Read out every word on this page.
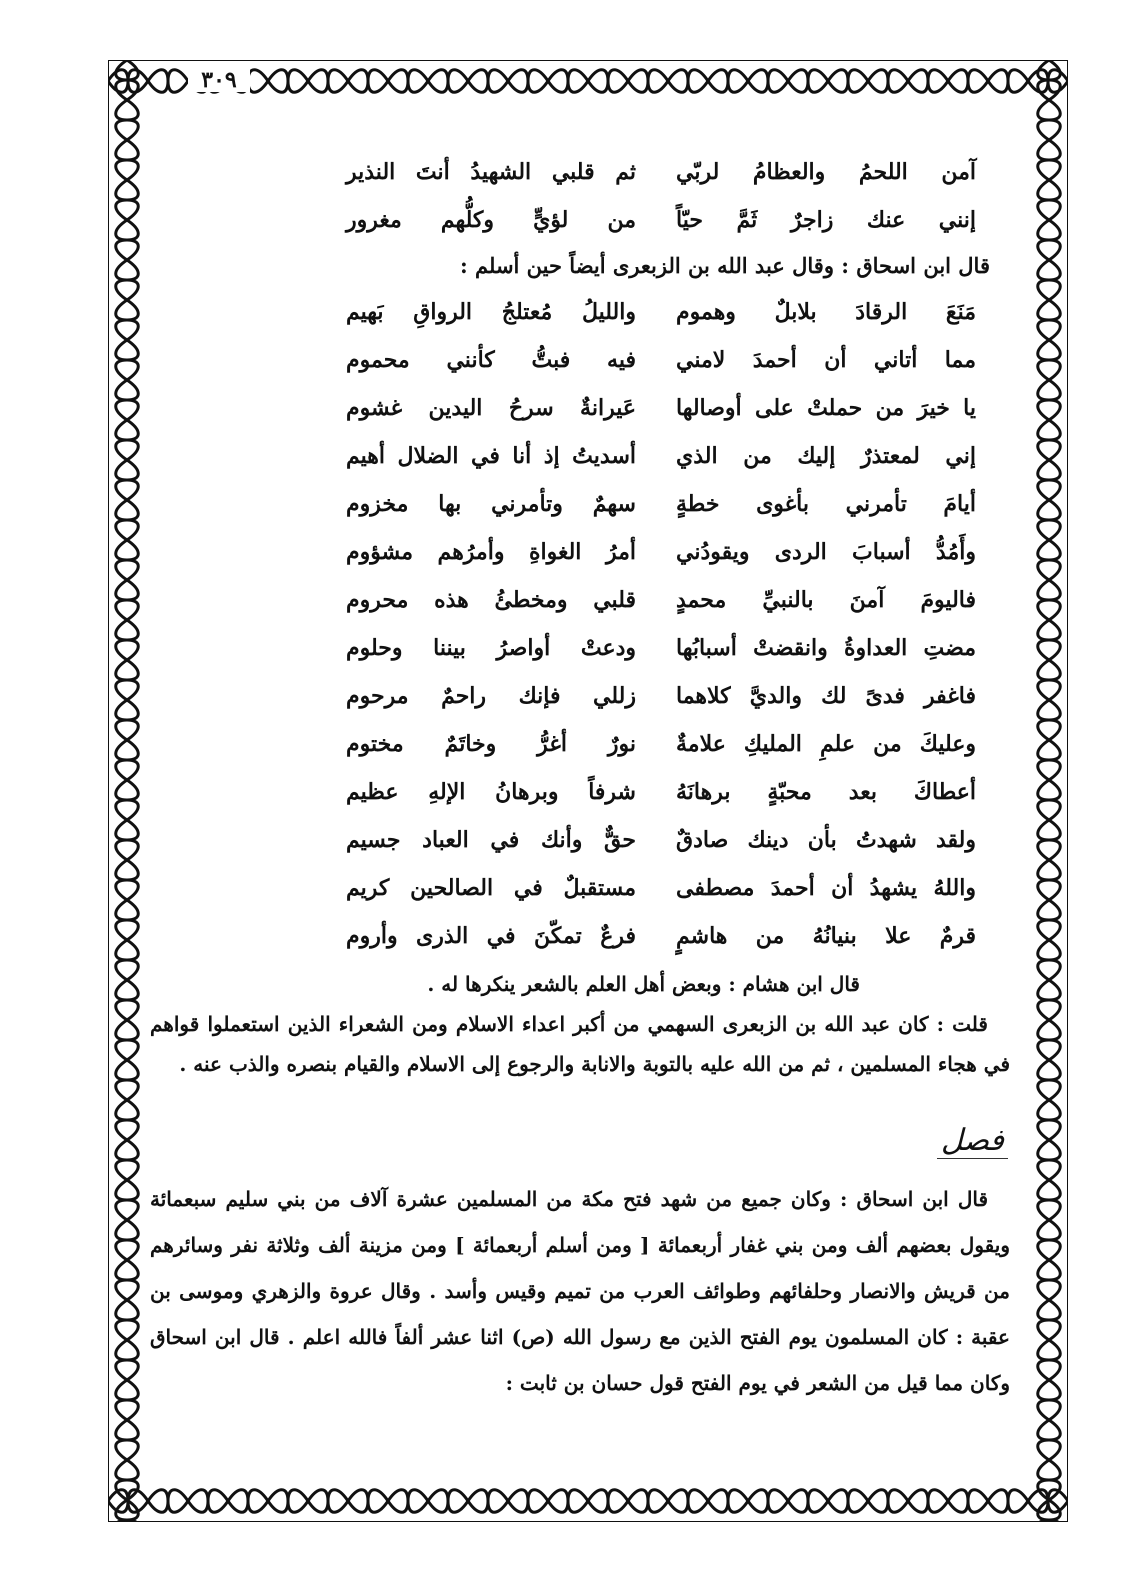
٣٠٩
آمن اللحمُ والعظامُ لربّي
ثم قلبي الشهيدُ أنتَ النذير
إنني عنك زاجرٌ ثَمَّ حيّاً
من لؤيٍّ وكلُّهم مغرور
قال ابن اسحاق : وقال عبد الله بن الزبعرى أيضاً حين أسلم :
مَنَعَ الرقادَ بلابلٌ وهموم
والليلُ مُعتلجُ الرواقِ بَهيم
مما أتاني أن أحمدَ لامني
فيه فبتُّ كأنني محموم
يا خيرَ من حملتْ على أوصالها
عَيرانةٌ سرحُ اليدين غشوم
إني لمعتذرٌ إليك من الذي
أسديتُ إذ أنا في الضلال أهيم
أيامَ تأمرني بأغوى خطةٍ
سهمٌ وتأمرني بها مخزوم
وأَمُدُّ أسبابَ الردى ويقودُني
أمرُ الغواةِ وأمرُهم مشؤوم
فاليومَ آمنَ بالنبيِّ محمدٍ
قلبي ومخطئُ هذه محروم
مضتِ العداوةُ وانقضتْ أسبابُها
ودعتْ أواصرُ بيننا وحلوم
فاغفر فدىً لك والديَّ كلاهما
زللي فإنك راحمٌ مرحوم
وعليكَ من علمِ المليكِ علامةٌ
نورٌ أغرُّ وخاتَمٌ مختوم
أعطاكَ بعد محبّةٍ برهانَهُ
شرفاً وبرهانُ الإلهِ عظيم
ولقد شهدتُ بأن دينك صادقٌ
حقٌّ وأنك في العباد جسيم
واللهُ يشهدُ أن أحمدَ مصطفى
مستقبلٌ في الصالحين كريم
قرمٌ علا بنيانُهُ من هاشمٍ
فرعٌ تمكّنَ في الذرى وأروم

قال ابن هشام : وبعض أهل العلم بالشعر ينكرها له .

قلت : كان عبد الله بن الزبعرى السهمي من أكبر اعداء الاسلام ومن الشعراء الذين استعملوا قواهم في هجاء المسلمين ، ثم من الله عليه بالتوبة والانابة والرجوع إلى الاسلام والقيام بنصره والذب عنه .

فصل

قال ابن اسحاق : وكان جميع من شهد فتح مكة من المسلمين عشرة آلاف من بني سليم سبعمائة ويقول بعضهم ألف ومن بني غفار أربعمائة [ ومن أسلم أربعمائة ] ومن مزينة ألف وثلاثة نفر وسائرهم من قريش والانصار وحلفائهم وطوائف العرب من تميم وقيس وأسد . وقال عروة والزهري وموسى بن عقبة : كان المسلمون يوم الفتح الذين مع رسول الله (ص) اثنا عشر ألفاً فالله اعلم . قال ابن اسحاق وكان مما قيل من الشعر في يوم الفتح قول حسان بن ثابت :
